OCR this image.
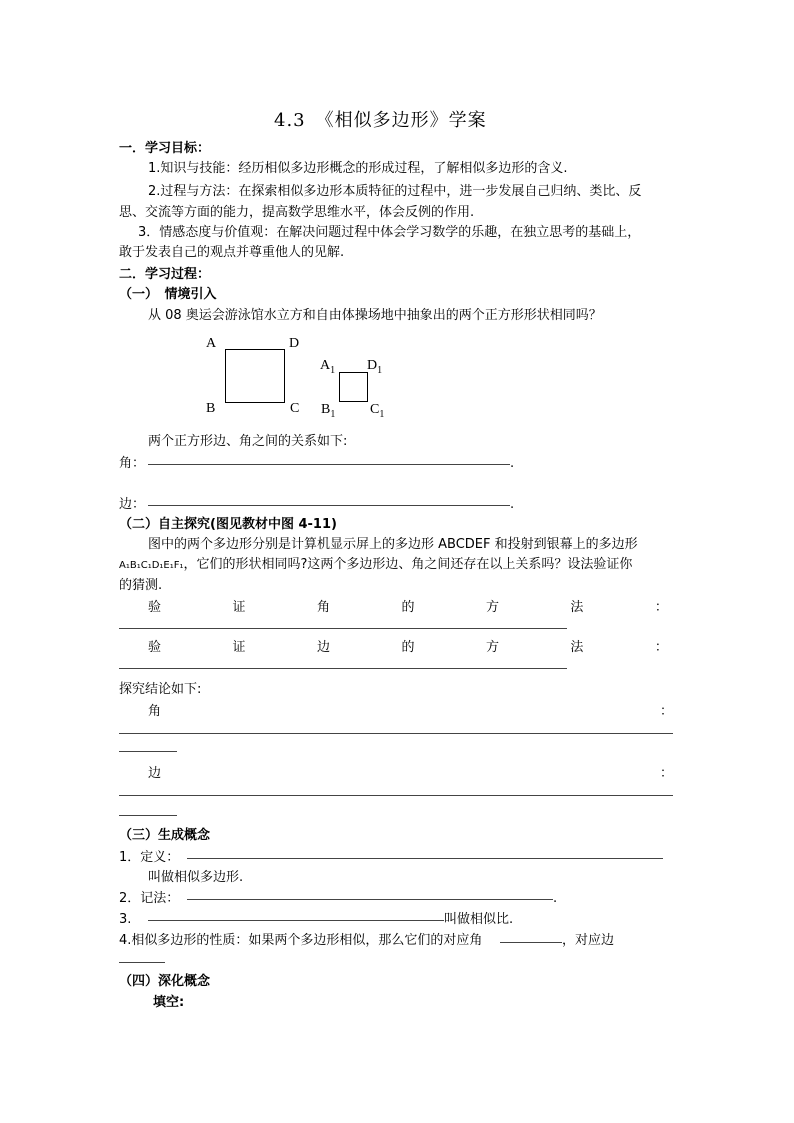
4.3　《相似多边形》学案
一．学习目标：
1.知识与技能：经历相似多边形概念的形成过程，了解相似多边形的含义.
2.过程与方法：在探索相似多边形本质特征的过程中，进一步发展自己归纳、类比、反
思、交流等方面的能力，提高数学思维水平，体会反例的作用.
3．情感态度与价值观：在解决问题过程中体会学习数学的乐趣，在独立思考的基础上，
敢于发表自己的观点并尊重他人的见解.
二．学习过程：
（一）　情境引入
从 08 奥运会游泳馆水立方和自由体操场地中抽象出的两个正方形形状相同吗？
A	D
B	C
$A_1$ $D_1$
$B_1$ $C_1$
两个正方形边、角之间的关系如下:
角：	.
边：	.
（二）自主探究(图见教材中图 4-11)
图中的两个多边形分别是计算机显示屏上的多边形 ABCDEF 和投射到银幕上的多边形
A₁B₁C₁D₁E₁F₁，它们的形状相同吗?这两个多边形边、角之间还存在以上关系吗？设法验证你
的猜测.
验	证	角	的	方	法	：
验	证	边	的	方	法	：
探究结论如下:
角	：
边	：
（三）生成概念
1．定义：
叫做相似多边形.
2．记法：	.
3.	叫做相似比.
4.相似多边形的性质：如果两个多边形相似，那么它们的对应角	，对应边
（四）深化概念
填空:
